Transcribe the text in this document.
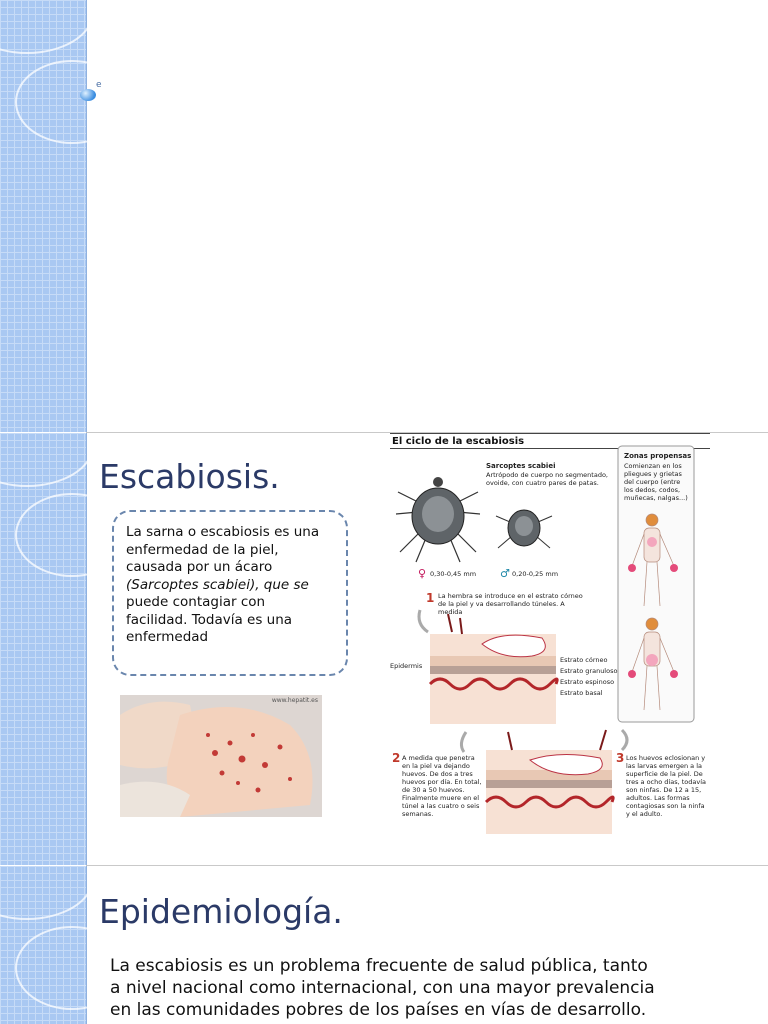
e
Escabiosis.
La sarna o escabiosis es una
enfermedad de la piel,
causada por un ácaro
(Sarcoptes scabiei), que se
puede contagiar con
facilidad. Todavía es una
enfermedad
www.hepatit.es
El ciclo de la escabiosis
♀	♂
Sarcoptes scabiei
Artrópodo de cuerpo no segmentado, ovoide, con cuatro pares de patas.
0,30-0,45 mm	0,20-0,25 mm
Zonas propensas
Comienzan en los pliegues y grietas del cuerpo (entre los dedos, codos, muñecas, nalgas...)
1 La hembra se introduce en el estrato córneo de la piel y va desarrollando túneles. A medida
Epidermis
Estrato córneo
Estrato granuloso
Estrato espinoso
Estrato basal
2 A medida que penetra en la piel va dejando huevos. De dos a tres huevos por día. En total, de 30 a 50 huevos. Finalmente muere en el túnel a las cuatro o seis semanas.
3 Los huevos eclosionan y las larvas emergen a la superficie de la piel. De tres a ocho días, todavía son ninfas. De 12 a 15, adultos. Las formas contagiosas son la ninfa y el adulto.
Epidemiología.
La escabiosis es un problema frecuente de salud pública, tanto
a nivel nacional como internacional, con una mayor prevalencia
en las comunidades pobres de los países en vías de desarrollo.
